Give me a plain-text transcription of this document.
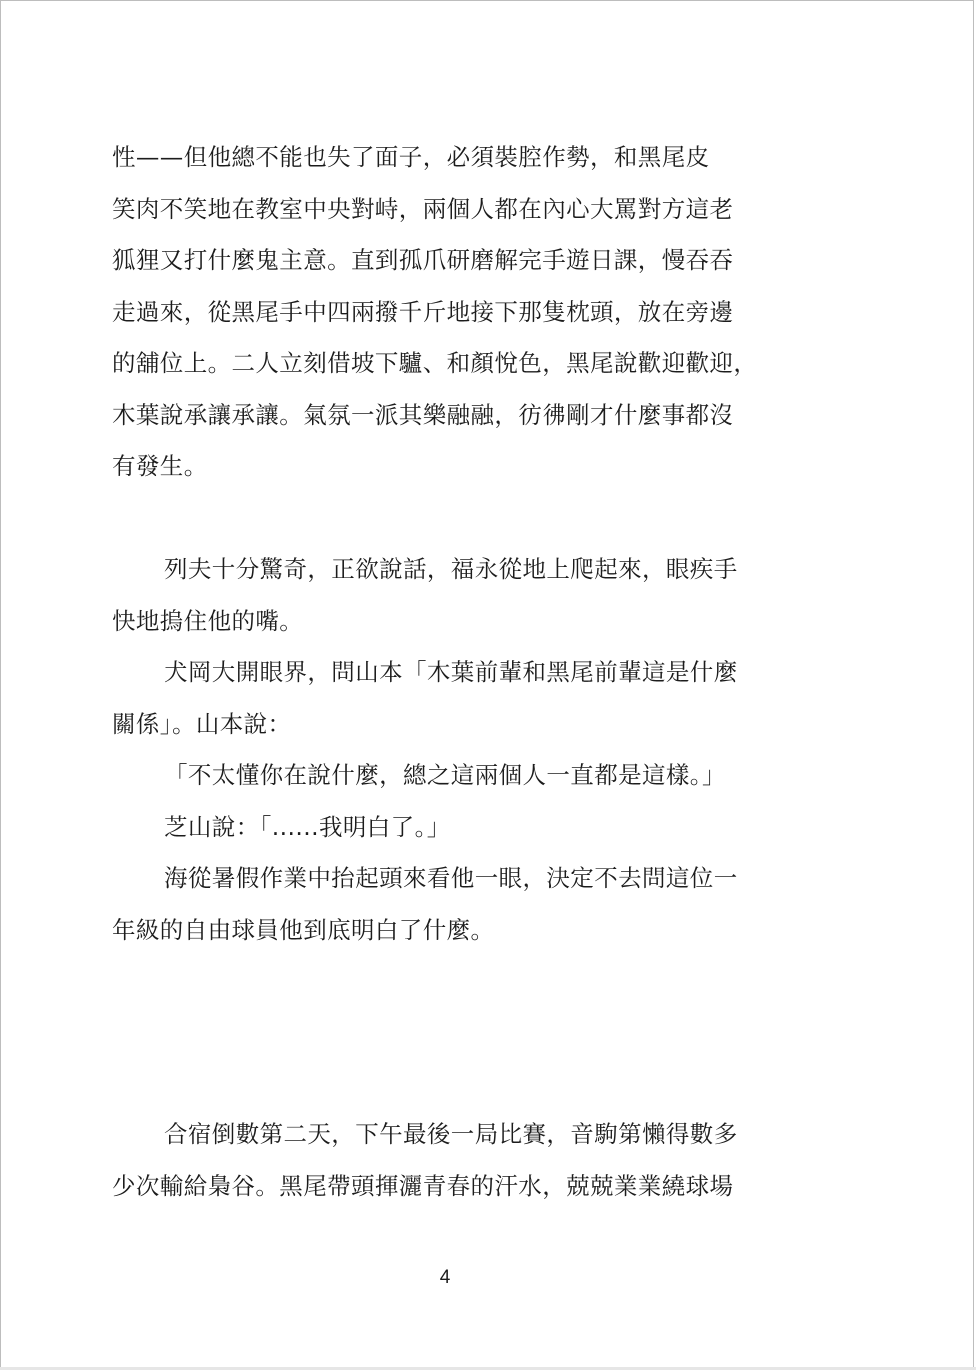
性——但他總不能也失了面子，必須裝腔作勢，和黑尾皮
笑肉不笑地在教室中央對峙，兩個人都在內心大罵對方這老
狐狸又打什麼鬼主意。直到孤爪研磨解完手遊日課，慢吞吞
走過來，從黑尾手中四兩撥千斤地接下那隻枕頭，放在旁邊
的舖位上。二人立刻借坡下驢、和顏悅色，黑尾說歡迎歡迎，
木葉說承讓承讓。氣氛一派其樂融融，彷彿剛才什麼事都沒
有發生。
列夫十分驚奇，正欲說話，福永從地上爬起來，眼疾手
快地摀住他的嘴。
犬岡大開眼界，問山本「木葉前輩和黑尾前輩這是什麼
關係」。山本說：
「不太懂你在說什麼，總之這兩個人一直都是這樣。」
芝山說：「......我明白了。」
海從暑假作業中抬起頭來看他一眼，決定不去問這位一
年級的自由球員他到底明白了什麼。
合宿倒數第二天，下午最後一局比賽，音駒第懶得數多
少次輸給梟谷。黑尾帶頭揮灑青春的汗水，兢兢業業繞球場
4
